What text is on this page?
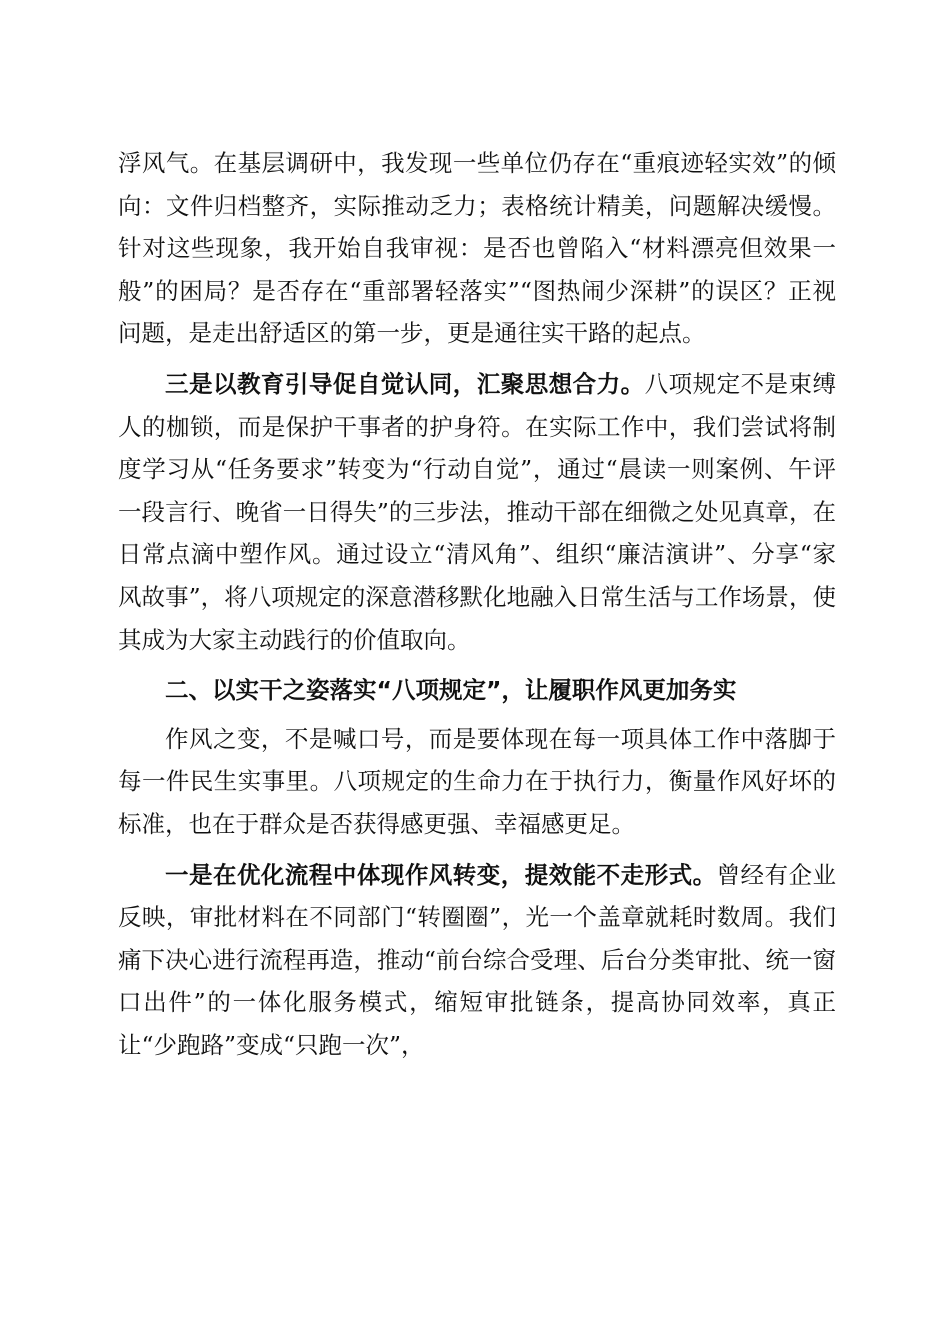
浮风气。在基层调研中，我发现一些单位仍存在“重痕迹轻实效”的倾向：文件归档整齐，实际推动乏力；表格统计精美，问题解决缓慢。针对这些现象，我开始自我审视：是否也曾陷入“材料漂亮但效果一般”的困局？是否存在“重部署轻落实”“图热闹少深耕”的误区？正视问题，是走出舒适区的第一步，更是通往实干路的起点。

三是以教育引导促自觉认同，汇聚思想合力。八项规定不是束缚人的枷锁，而是保护干事者的护身符。在实际工作中，我们尝试将制度学习从“任务要求”转变为“行动自觉”，通过“晨读一则案例、午评一段言行、晚省一日得失”的三步法，推动干部在细微之处见真章，在日常点滴中塑作风。通过设立“清风角”、组织“廉洁演讲”、分享“家风故事”，将八项规定的深意潜移默化地融入日常生活与工作场景，使其成为大家主动践行的价值取向。

二、以实干之姿落实“八项规定”，让履职作风更加务实

作风之变，不是喊口号，而是要体现在每一项具体工作中落脚于每一件民生实事里。八项规定的生命力在于执行力，衡量作风好坏的标准，也在于群众是否获得感更强、幸福感更足。

一是在优化流程中体现作风转变，提效能不走形式。曾经有企业反映，审批材料在不同部门“转圈圈”，光一个盖章就耗时数周。我们痛下决心进行流程再造，推动“前台综合受理、后台分类审批、统一窗口出件”的一体化服务模式，缩短审批链条，提高协同效率，真正让“少跑路”变成“只跑一次”，
